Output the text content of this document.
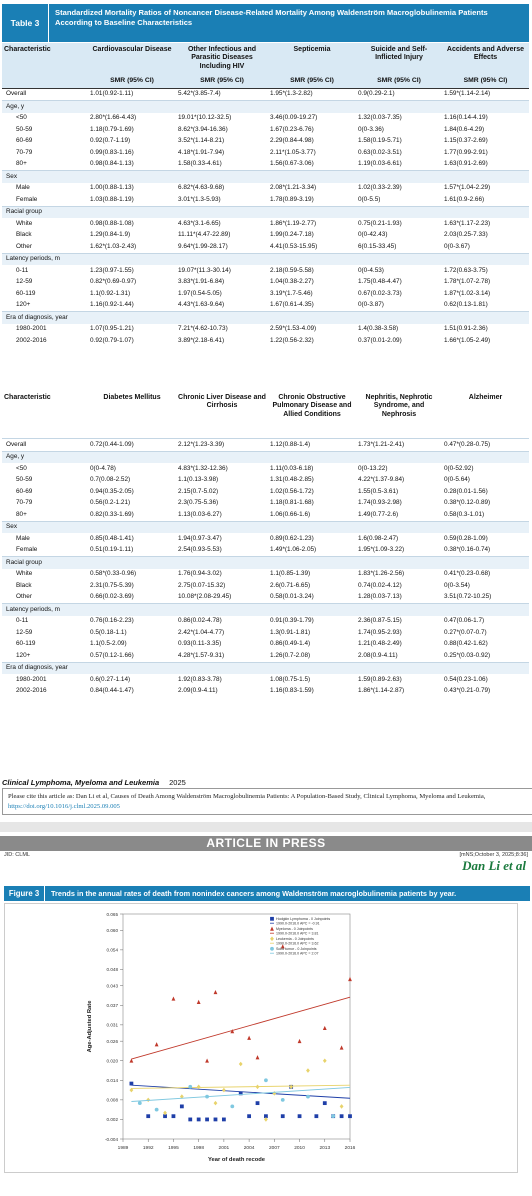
Table 3
Standardized Mortality Ratios of Noncancer Disease-Related Mortality Among Waldenström Macroglobulinemia Patients According to Baseline Characteristics
Characteristic	Cardiovascular Disease	Other Infectious and Parasitic Diseases Including HIV	Septicemia	Suicide and Self-Inflicted Injury	Accidents and Adverse Effects
	SMR (95% CI)	SMR (95% CI)	SMR (95% CI)	SMR (95% CI)	SMR (95% CI)
Overall	1.01(0.92-1.11)	5.42*(3.85-7.4)	1.95*(1.3-2.82)	0.9(0.29-2.1)	1.59*(1.14-2.14)
Age, y					
<50	2.80*(1.66-4.43)	19.01*(10.12-32.5)	3.46(0.09-19.27)	1.32(0.03-7.35)	1.16(0.14-4.19)
50-59	1.18(0.79-1.69)	8.62*(3.94-16.36)	1.67(0.23-6.76)	0(0-3.36)	1.84(0.6-4.29)
60-69	0.92(0.7-1.19)	3.52*(1.14-8.21)	2.29(0.84-4.98)	1.58(0.19-5.71)	1.15(0.37-2.69)
70-79	0.99(0.83-1.16)	4.18*(1.91-7.94)	2.11*(1.05-3.77)	0.63(0.02-3.51)	1.77(0.99-2.91)
80+	0.98(0.84-1.13)	1.58(0.33-4.61)	1.56(0.67-3.06)	1.19(0.03-6.61)	1.63(0.91-2.69)
Sex					
Male	1.00(0.88-1.13)	6.82*(4.63-9.68)	2.08*(1.21-3.34)	1.02(0.33-2.39)	1.57*(1.04-2.29)
Female	1.03(0.88-1.19)	3.01*(1.3-5.93)	1.78(0.89-3.19)	0(0-5.5)	1.61(0.9-2.66)
Racial group					
White	0.98(0.88-1.08)	4.63*(3.1-6.65)	1.86*(1.19-2.77)	0.75(0.21-1.93)	1.63*(1.17-2.23)
Black	1.29(0.84-1.9)	11.11*(4.47-22.89)	1.99(0.24-7.18)	0(0-42.43)	2.03(0.25-7.33)
Other	1.62*(1.03-2.43)	9.64*(1.99-28.17)	4.41(0.53-15.95)	6(0.15-33.45)	0(0-3.67)
Latency periods, m					
0-11	1.23(0.97-1.55)	19.07*(11.3-30.14)	2.18(0.59-5.58)	0(0-4.53)	1.72(0.63-3.75)
12-59	0.82*(0.69-0.97)	3.83*(1.91-6.84)	1.04(0.38-2.27)	1.75(0.48-4.47)	1.78*(1.07-2.78)
60-119	1.1(0.92-1.31)	1.97(0.54-5.05)	3.19*(1.7-5.46)	0.67(0.02-3.73)	1.87*(1.02-3.14)
120+	1.16(0.92-1.44)	4.43*(1.63-9.64)	1.67(0.61-4.35)	0(0-3.87)	0.62(0.13-1.81)
Era of diagnosis, year					
1980-2001	1.07(0.95-1.21)	7.21*(4.62-10.73)	2.59*(1.53-4.09)	1.4(0.38-3.58)	1.51(0.91-2.36)
2002-2016	0.92(0.79-1.07)	3.89*(2.18-6.41)	1.22(0.56-2.32)	0.37(0.01-2.09)	1.66*(1.05-2.49)
Characteristic	Diabetes Mellitus	Chronic Liver Disease and Cirrhosis	Chronic Obstructive Pulmonary Disease and Allied Conditions	Nephritis, Nephrotic Syndrome, and Nephrosis	Alzheimer
Overall	0.72(0.44-1.09)	2.12*(1.23-3.39)	1.12(0.88-1.4)	1.73*(1.21-2.41)	0.47*(0.28-0.75)
Age, y					
<50	0(0-4.78)	4.83*(1.32-12.36)	1.11(0.03-6.18)	0(0-13.22)	0(0-52.92)
50-59	0.7(0.08-2.52)	1.1(0.13-3.98)	1.31(0.48-2.85)	4.22*(1.37-9.84)	0(0-5.64)
60-69	0.94(0.35-2.05)	2.15(0.7-5.02)	1.02(0.56-1.72)	1.55(0.5-3.61)	0.28(0.01-1.56)
70-79	0.56(0.2-1.21)	2.3(0.75-5.36)	1.18(0.81-1.68)	1.74(0.93-2.98)	0.38*(0.12-0.89)
80+	0.82(0.33-1.69)	1.13(0.03-6.27)	1.06(0.66-1.6)	1.49(0.77-2.6)	0.58(0.3-1.01)
Sex					
Male	0.85(0.48-1.41)	1.94(0.97-3.47)	0.89(0.62-1.23)	1.6(0.98-2.47)	0.59(0.28-1.09)
Female	0.51(0.19-1.11)	2.54(0.93-5.53)	1.49*(1.06-2.05)	1.95*(1.09-3.22)	0.38*(0.16-0.74)
Racial group					
White	0.58*(0.33-0.96)	1.76(0.94-3.02)	1.1(0.85-1.39)	1.83*(1.26-2.56)	0.41*(0.23-0.68)
Black	2.31(0.75-5.39)	2.75(0.07-15.32)	2.6(0.71-6.65)	0.74(0.02-4.12)	0(0-3.54)
Other	0.66(0.02-3.69)	10.08*(2.08-29.45)	0.58(0.01-3.24)	1.28(0.03-7.13)	3.51(0.72-10.25)
Latency periods, m					
0-11	0.76(0.16-2.23)	0.86(0.02-4.78)	0.91(0.39-1.79)	2.36(0.87-5.15)	0.47(0.06-1.7)
12-59	0.5(0.18-1.1)	2.42*(1.04-4.77)	1.3(0.91-1.81)	1.74(0.95-2.93)	0.27*(0.07-0.7)
60-119	1.1(0.5-2.09)	0.93(0.11-3.35)	0.86(0.49-1.4)	1.21(0.48-2.49)	0.88(0.42-1.62)
120+	0.57(0.12-1.66)	4.28*(1.57-9.31)	1.26(0.7-2.08)	2.08(0.9-4.11)	0.25*(0.03-0.92)
Era of diagnosis, year					
1980-2001	0.6(0.27-1.14)	1.92(0.83-3.78)	1.08(0.75-1.5)	1.59(0.89-2.63)	0.54(0.23-1.06)
2002-2016	0.84(0.44-1.47)	2.09(0.9-4.11)	1.16(0.83-1.59)	1.86*(1.14-2.87)	0.43*(0.21-0.79)
Clinical Lymphoma, Myeloma and Leukemia 2025
Please cite this article as: Dan Li et al, Causes of Death Among Waldenström Macroglobulinemia Patients: A Population-Based Study, Clinical Lymphoma, Myeloma and Leukemia, https://doi.org/10.1016/j.clml.2025.09.005
ARTICLE IN PRESS
JID: CLML	[mNS;October 3, 2025;8:36]
Dan Li et al
Figure 3	Trends in the annual rates of death from nonindex cancers among Waldenström macroglobulinemia patients by year.
-0.004
0.002
0.008
0.014
0.020
0.026
0.031
0.037
0.043
0.048
0.054
0.060
0.065
1989	1992	1995	1998	2001	2004	2007	2010	2013	2016
Year of death recode
Age-Adjusted Rate
Hodgkin Lymphoma - 0 Joinpoints
1990.0-2016.0 APC = -0.91
Myeloma - 0 Joinpoints
1990.0-2016.0 APC = 3.81
Leukemia - 0 Joinpoints
1990.0-2016.0 APC = 3.62
Solid tumor - 0 Joinpoints
1990.0-2016.0 APC = 2.07
